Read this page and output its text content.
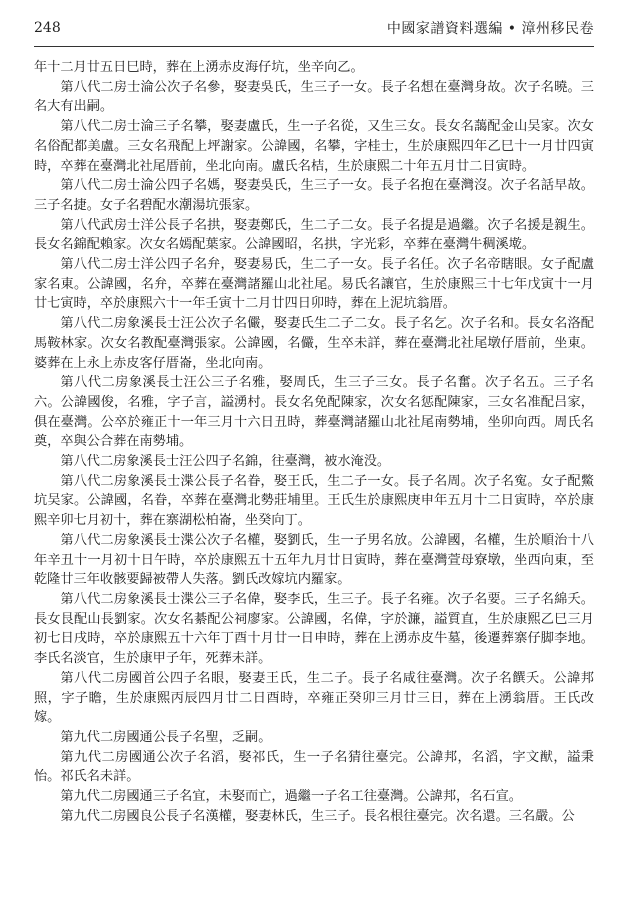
248	中國家譜資料選編 • 漳州移民卷

年十二月廿五日巳時，葬在上湧赤皮海仔坑，坐辛向乙。

第八代二房士淪公次子名參，娶妻吳氏，生三子一女。長子名想在臺灣身故。次子名曉。三名大有出嗣。

第八代二房士淪三子名攀，娶妻盧氏，生一子名從，又生三女。長女名藹配金山吴家。次女名俗配都美盧。三女名飛配上坪謝家。公諱國，名攀，字桂士，生於康熙四年乙巳十一月廿四寅時，卒葬在臺灣北社尾厝前，坐北向南。盧氏名桔，生於康熙二十年五月廿二日寅時。

第八代二房士淪公四子名媽，娶妻吳氏，生三子一女。長子名抱在臺灣沒。次子名話早故。三子名捷。女子名碧配水潮湯坑張家。

第八代武房士洋公長子名拱，娶妻鄭氏，生二子二女。長子名提是過繼。次子名援是親生。長女名錦配賴家。次女名嫣配葉家。公諱國昭，名拱，字光彩，卒葬在臺灣牛稠溪墘。

第八代二房士洋公四子名弁，娶妻易氏，生二子一女。長子名任。次子名帝瞎眼。女子配盧家名東。公諱國，名弁，卒葬在臺灣諸羅山北社尾。易氏名讓官，生於康熙三十七年戊寅十一月廿七寅時，卒於康熙六十一年壬寅十二月廿四日卯時，葬在上泥坑翁厝。

第八代二房象溪長士汪公次子名儼，娶妻氏生二子二女。長子名乞。次子名和。長女名洛配馬鞍林家。次女名教配臺灣張家。公諱國，名儼，生卒未詳，葬在臺灣北社尾墩仔厝前，坐東。婆葬在上永上赤皮客仔厝崙，坐北向南。

第八代二房象溪長士汪公三子名雅，娶周氏，生三子三女。長子名奮。次子名五。三子名六。公諱國俊，名雅，字子言，謚湧村。長女名免配陳家，次女名惩配陳家，三女名准配吕家，俱在臺灣。公卒於雍正十一年三月十六日丑時，葬臺灣諸羅山北社尾南勢埔，坐卯向西。周氏名奠，卒與公合葬在南勢埔。

第八代二房象溪長士汪公四子名錦，往臺灣，被水淹没。

第八代二房象溪長士渫公長子名眷，娶王氏，生二子一女。長子名周。次子名寃。女子配鱉坑吴家。公諱國，名眷，卒葬在臺灣北勢莊埔里。王氏生於康熙庚申年五月十二日寅時，卒於康熙辛卯七月初十，葬在寨湖松柏崙，坐癸向丁。

第八代二房象溪長士渫公次子名權，娶劉氏，生一子男名放。公諱國，名權，生於順治十八年辛丑十一月初十日午時，卒於康熙五十五年九月廿日寅時，葬在臺灣萱母寮墩，坐西向東，至乾隆廿三年收骸要歸被帶人失落。劉氏改嫁坑内羅家。

第八代二房象溪長士渫公三子名偉，娶李氏，生三子。長子名雍。次子名要。三子名綿夭。長女艮配山長劉家。次女名綦配公祠廖家。公諱國，名偉，字於濂，謚質直，生於康熙乙巳三月初七日戌時，卒於康熙五十六年丁酉十月廿一日申時，葬在上湧赤皮牛墓，後遷葬寨仔脚李地。李氏名淡官，生於康甲子年，死葬未詳。

第八代二房國首公四子名眼，娶妻王氏，生二子。長子名咸往臺灣。次子名饌夭。公諱邦照，字子瞻，生於康熙丙辰四月廿二日酉時，卒雍正癸卯三月廿三日，葬在上湧翁厝。王氏改嫁。

第九代二房國通公長子名聖，乏嗣。

第九代二房國通公次子名滔，娶祁氏，生一子名猜往臺完。公諱邦，名滔，字文猷，謚秉怡。祁氏名未詳。

第九代二房國通三子名宜，未娶而亡，過繼一子名工往臺灣。公諱邦，名石宣。

第九代二房國良公長子名漢權，娶妻林氏，生三子。長名根往臺完。次名還。三名嚴。公
